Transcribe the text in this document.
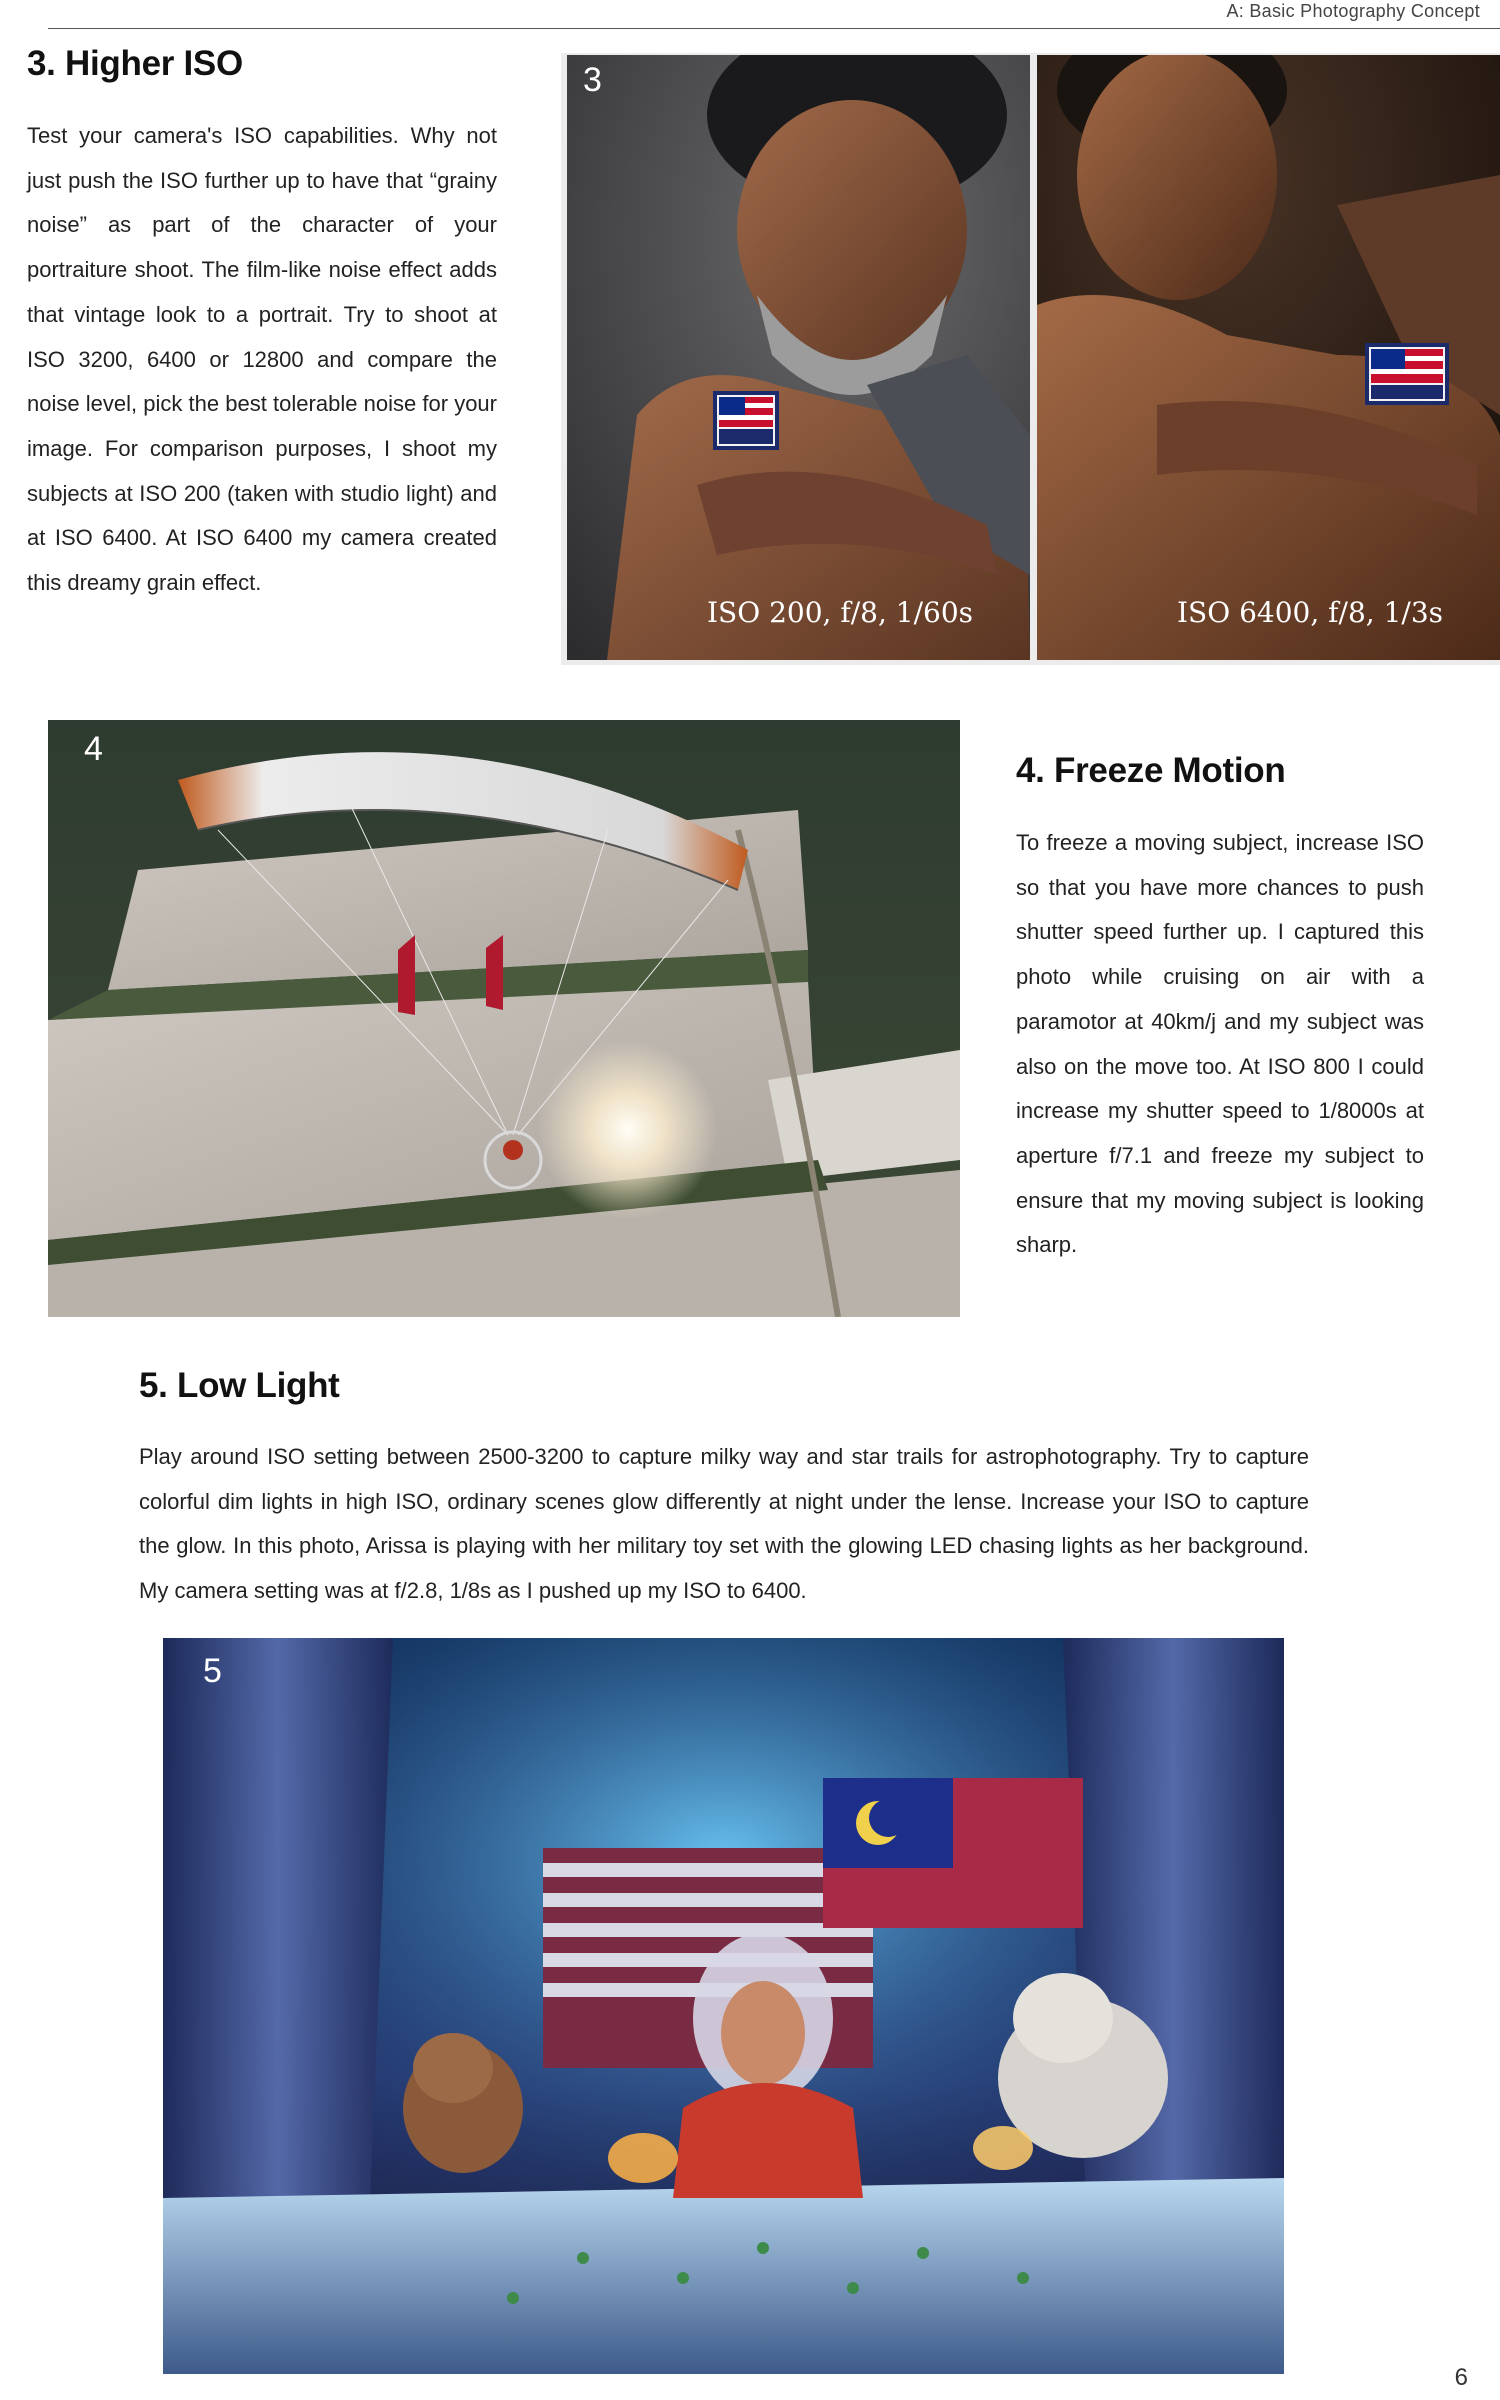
A: Basic Photography Concept
3. Higher ISO

Test your camera's ISO capabilities. Why not just push the ISO further up to have that “grainy noise” as part of the character of your portraiture shoot. The film-like noise effect adds that vintage look to a portrait. Try to shoot at ISO 3200, 6400 or 12800 and compare the noise level, pick the best tolerable noise for your image. For comparison purposes, I shoot my subjects at ISO 200 (taken with studio light) and at ISO 6400. At ISO 6400 my camera created this dreamy grain effect.

3
ISO 200, f/8, 1/60s	ISO 6400, f/8, 1/3s
4
4. Freeze Motion

To freeze a moving subject, increase ISO so that you have more chances to push shutter speed further up. I captured this photo while cruising on air with a paramotor at 40km/j and my subject was also on the move too. At ISO 800 I could increase my shutter speed to 1/8000s at aperture f/7.1 and freeze my subject to ensure that my moving subject is looking sharp.

5. Low Light

Play around ISO setting between 2500-3200 to capture milky way and star trails for astrophotography. Try to capture colorful dim lights in high ISO, ordinary scenes glow differently at night under the lense. Increase your ISO to capture the glow. In this photo, Arissa is playing with her military toy set with the glowing LED chasing lights as her background. My camera setting was at f/2.8, 1/8s as I pushed up my ISO to 6400.

5
6
